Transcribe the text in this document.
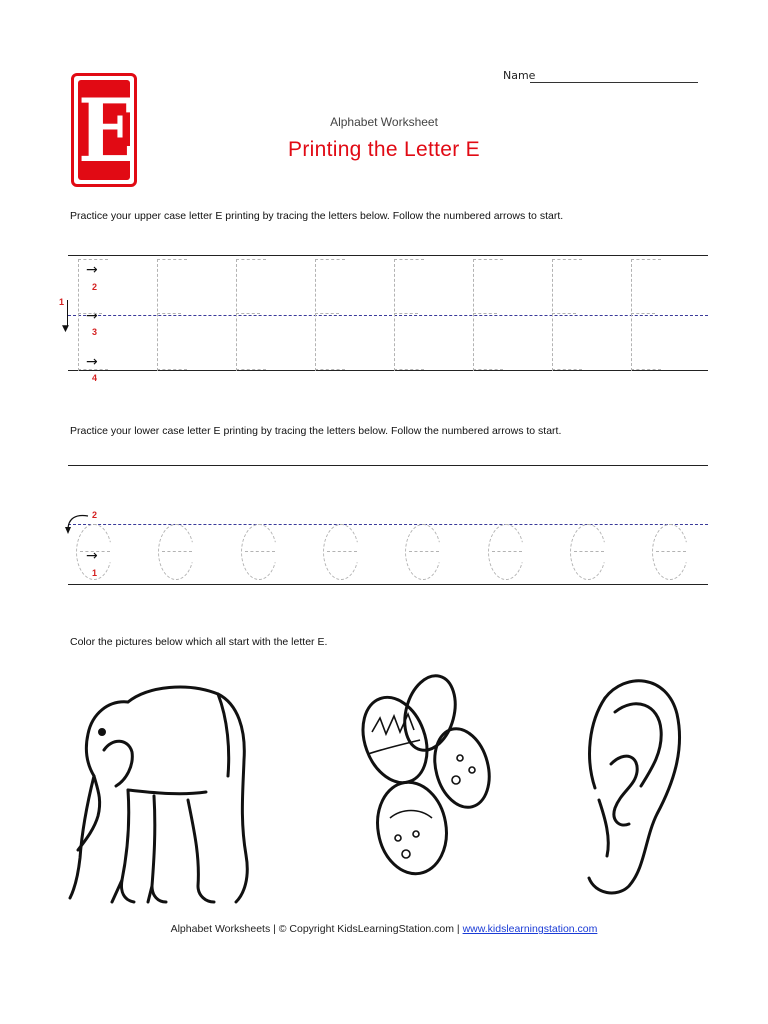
E
Name
Alphabet Worksheet
Printing the Letter E
Practice your upper case letter E printing by tracing the letters below. Follow the numbered arrows to start.
1
▼
→
2
→
3
→
4
Practice your lower case letter E printing by tracing the letters below. Follow the numbered arrows to start.
2
→
1
Color the pictures below which all start with the letter E.
Alphabet Worksheets | © Copyright KidsLearningStation.com | www.kidslearningstation.com
